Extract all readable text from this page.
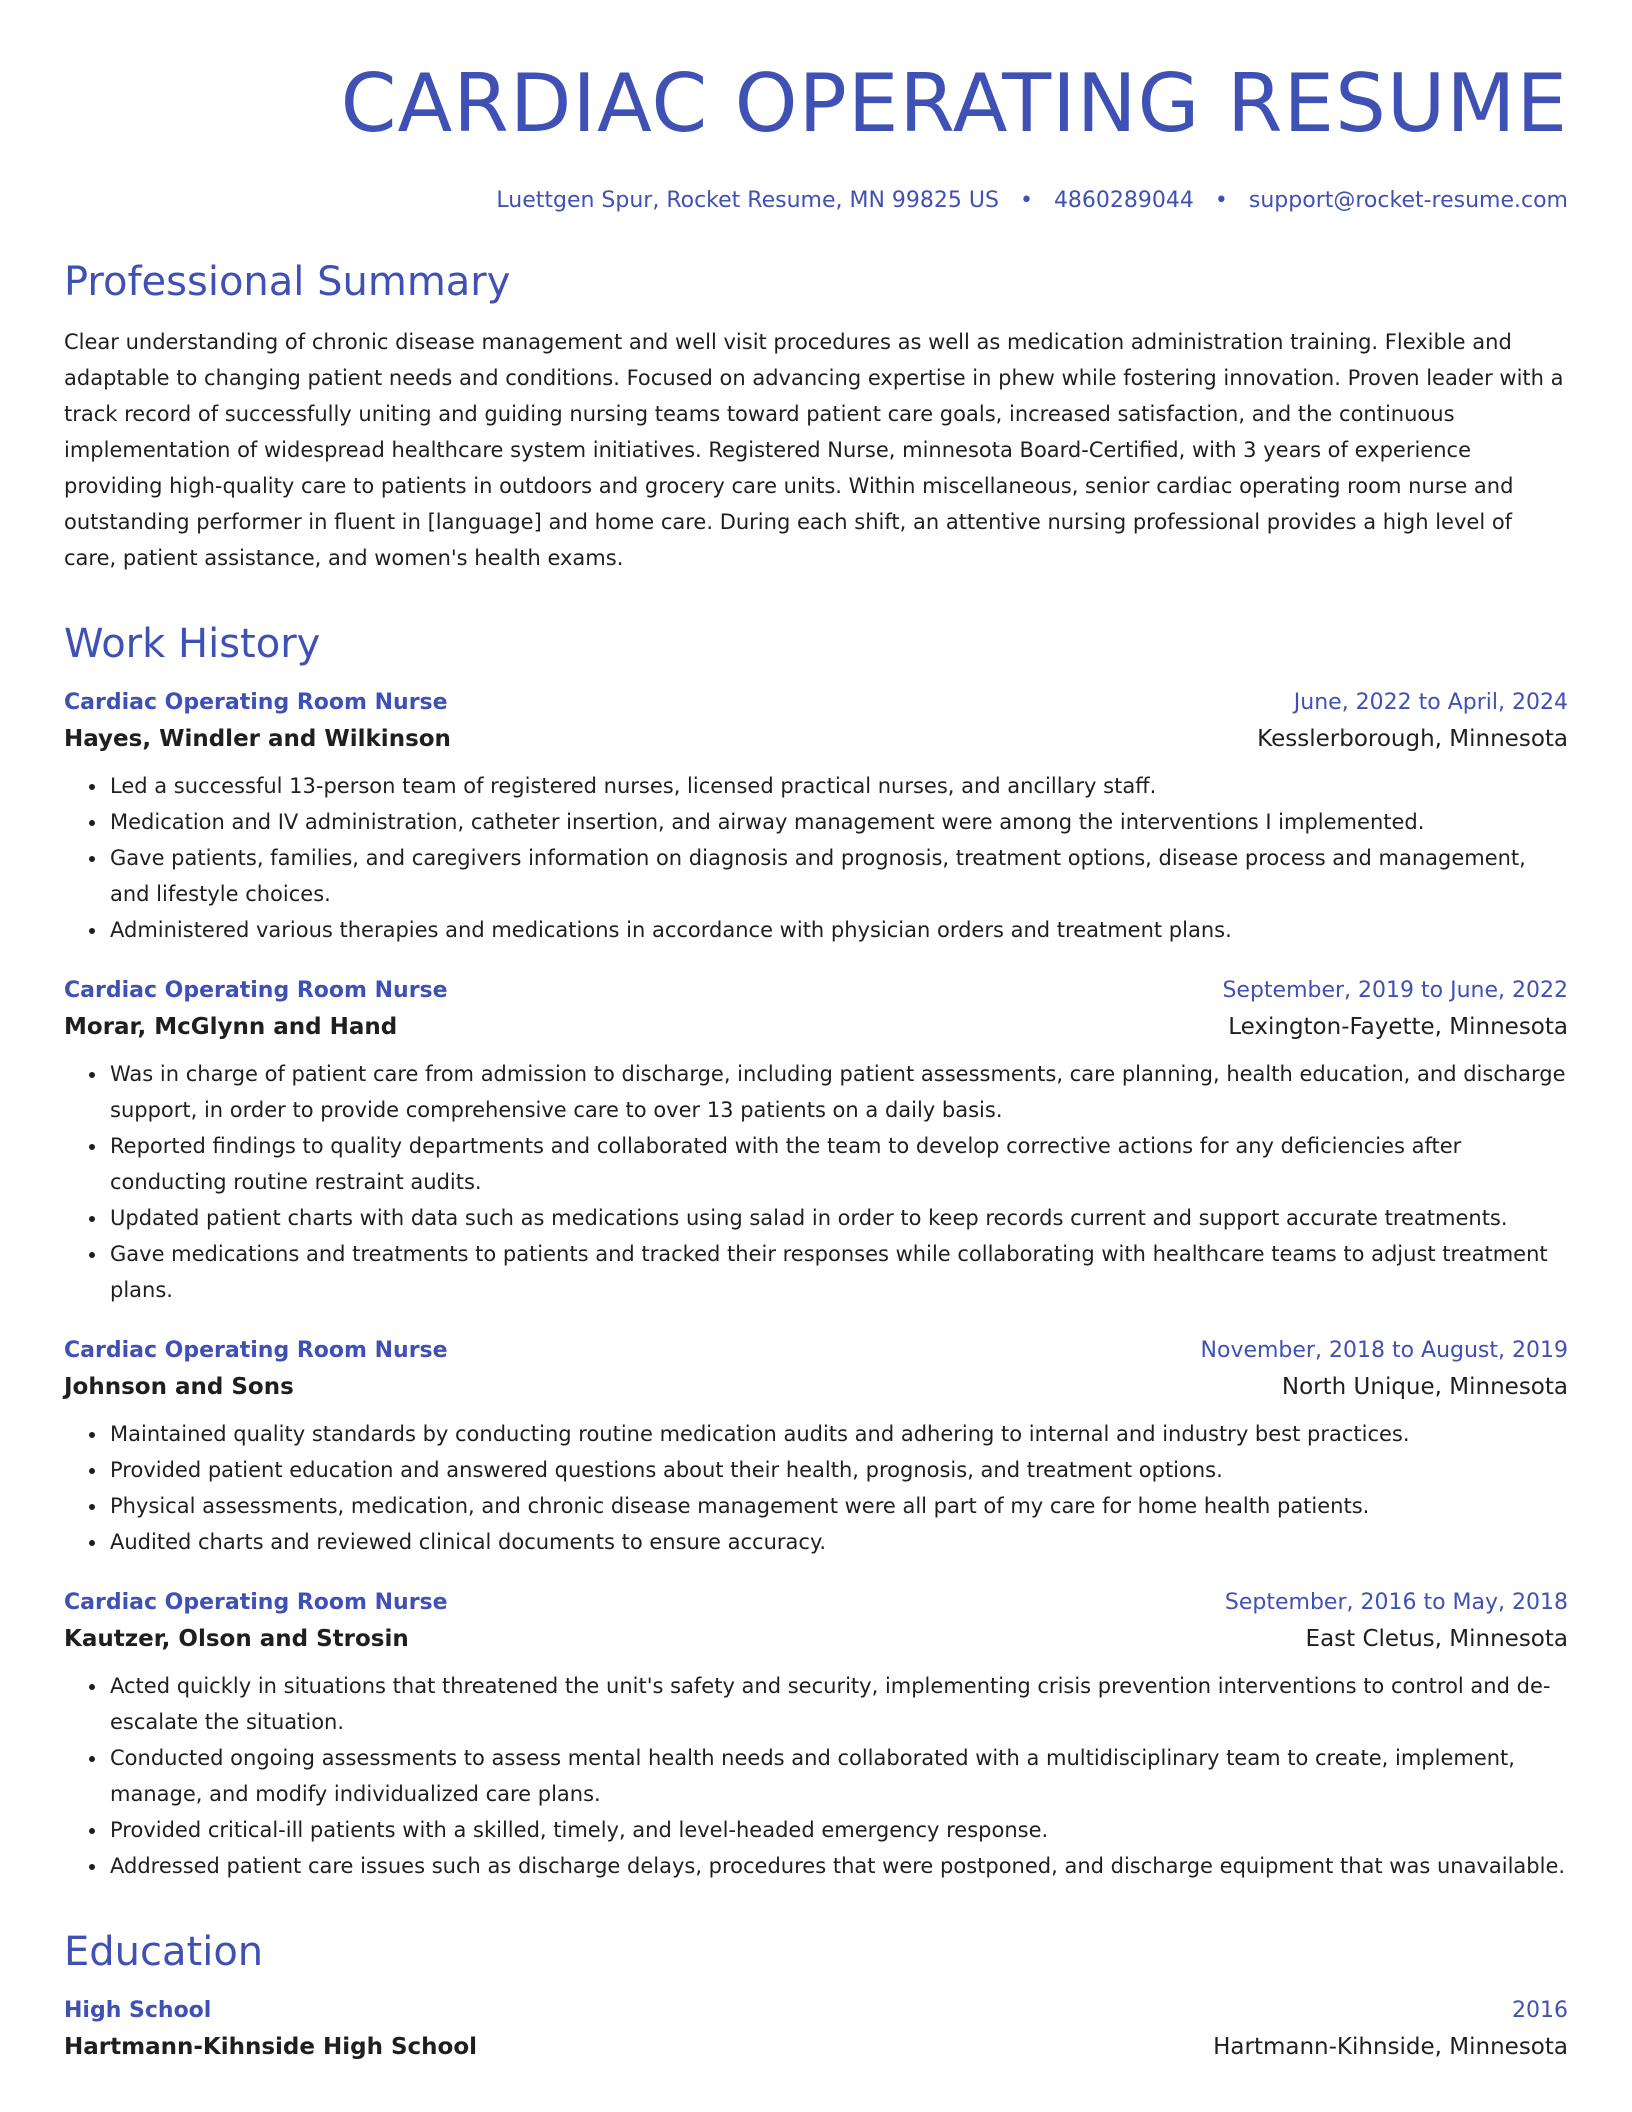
CARDIAC OPERATING RESUME
Luettgen Spur, Rocket Resume, MN 99825 US • 4860289044 • support@rocket-resume.com
Professional Summary

Clear understanding of chronic disease management and well visit procedures as well as medication administration training. Flexible and adaptable to changing patient needs and conditions. Focused on advancing expertise in phew while fostering innovation. Proven leader with a track record of successfully uniting and guiding nursing teams toward patient care goals, increased satisfaction, and the continuous implementation of widespread healthcare system initiatives. Registered Nurse, minnesota Board-Certified, with 3 years of experience providing high-quality care to patients in outdoors and grocery care units. Within miscellaneous, senior cardiac operating room nurse and outstanding performer in fluent in [language] and home care. During each shift, an attentive nursing professional provides a high level of care, patient assistance, and women's health exams.

Work History
Cardiac Operating Room Nurse	June, 2022 to April, 2024
Hayes, Windler and Wilkinson	Kesslerborough, Minnesota
• Led a successful 13-person team of registered nurses, licensed practical nurses, and ancillary staff.
• Medication and IV administration, catheter insertion, and airway management were among the interventions I implemented.
• Gave patients, families, and caregivers information on diagnosis and prognosis, treatment options, disease process and management, and lifestyle choices.
• Administered various therapies and medications in accordance with physician orders and treatment plans.
Cardiac Operating Room Nurse	September, 2019 to June, 2022
Morar, McGlynn and Hand	Lexington-Fayette, Minnesota
• Was in charge of patient care from admission to discharge, including patient assessments, care planning, health education, and discharge support, in order to provide comprehensive care to over 13 patients on a daily basis.
• Reported findings to quality departments and collaborated with the team to develop corrective actions for any deficiencies after conducting routine restraint audits.
• Updated patient charts with data such as medications using salad in order to keep records current and support accurate treatments.
• Gave medications and treatments to patients and tracked their responses while collaborating with healthcare teams to adjust treatment plans.
Cardiac Operating Room Nurse	November, 2018 to August, 2019
Johnson and Sons	North Unique, Minnesota
• Maintained quality standards by conducting routine medication audits and adhering to internal and industry best practices.
• Provided patient education and answered questions about their health, prognosis, and treatment options.
• Physical assessments, medication, and chronic disease management were all part of my care for home health patients.
• Audited charts and reviewed clinical documents to ensure accuracy.
Cardiac Operating Room Nurse	September, 2016 to May, 2018
Kautzer, Olson and Strosin	East Cletus, Minnesota
• Acted quickly in situations that threatened the unit's safety and security, implementing crisis prevention interventions to control and de-escalate the situation.
• Conducted ongoing assessments to assess mental health needs and collaborated with a multidisciplinary team to create, implement, manage, and modify individualized care plans.
• Provided critical-ill patients with a skilled, timely, and level-headed emergency response.
• Addressed patient care issues such as discharge delays, procedures that were postponed, and discharge equipment that was unavailable.
Education
High School	2016
Hartmann-Kihnside High School	Hartmann-Kihnside, Minnesota
